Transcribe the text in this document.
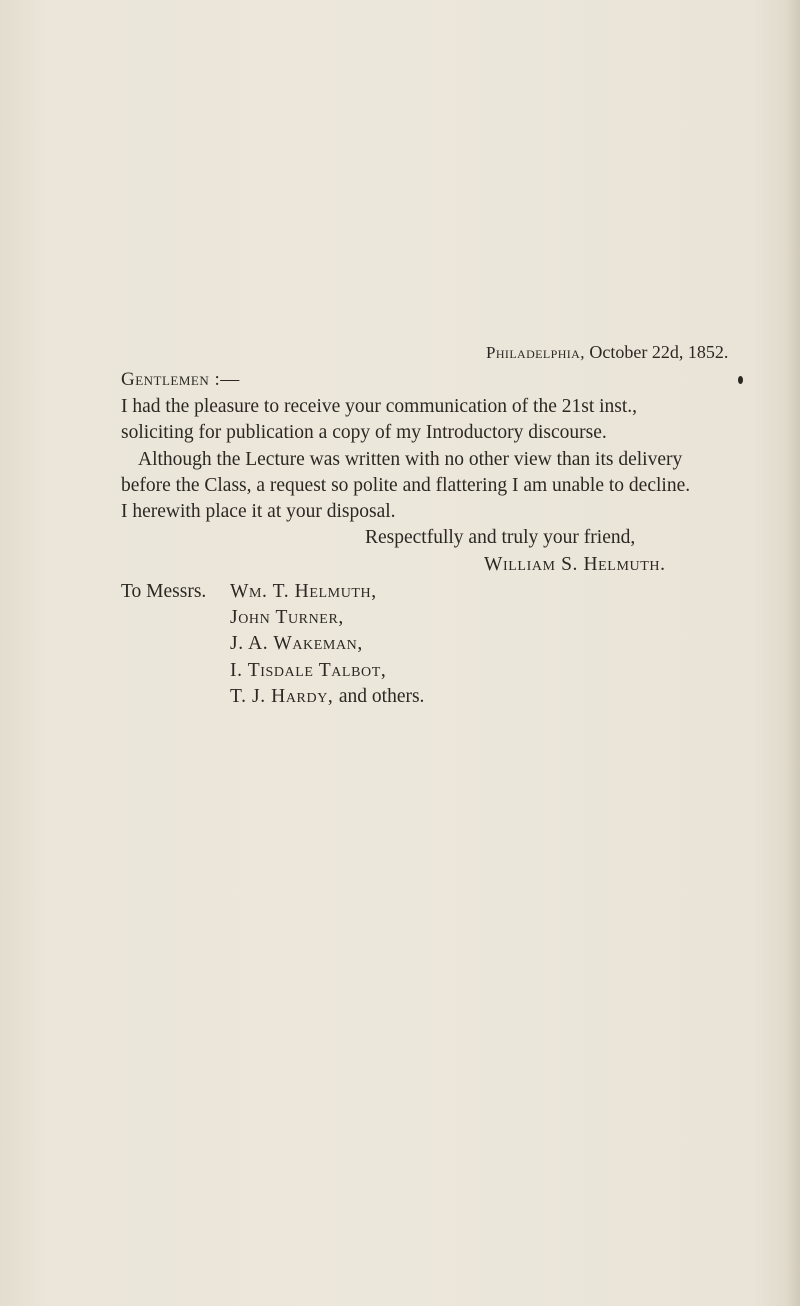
Philadelphia, October 22d, 1852.
Gentlemen :—
I had the pleasure to receive your communication of the 21st inst.,
soliciting for publication a copy of my Introductory discourse.
Although the Lecture was written with no other view than its delivery
before the Class, a request so polite and flattering I am unable to decline.
I herewith place it at your disposal.
Respectfully and truly your friend,
William S. Helmuth.
To Messrs. Wm. T. Helmuth,
John Turner,
J. A. Wakeman,
I. Tisdale Talbot,
T. J. Hardy, and others.
